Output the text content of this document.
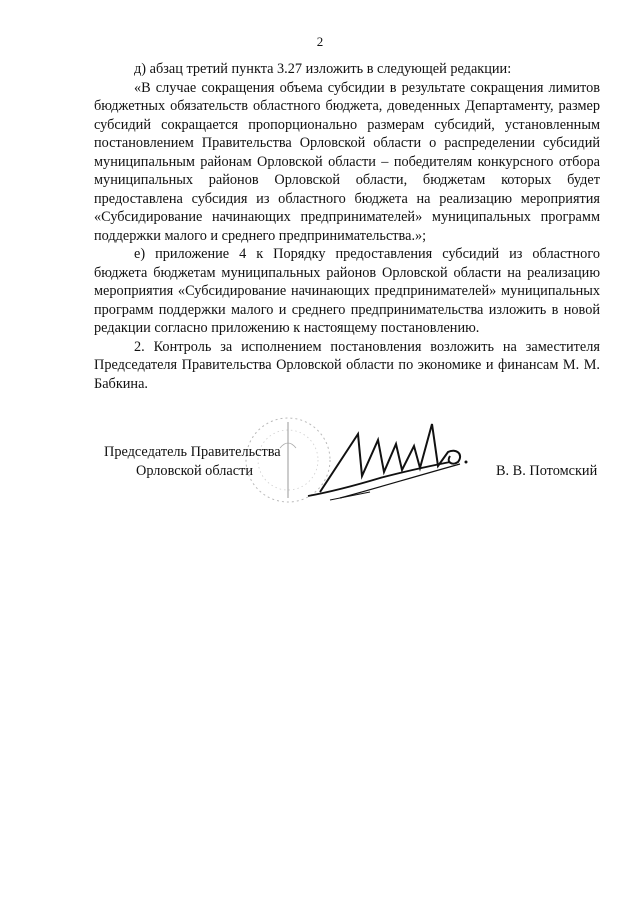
2

д) абзац третий пункта 3.27 изложить в следующей редакции:

«В случае сокращения объема субсидии в результате сокращения лимитов бюджетных обязательств областного бюджета, доведенных Департаменту, размер субсидий сокращается пропорционально размерам субсидий, установленным постановлением Правительства Орловской области о распределении субсидий муниципальным районам Орловской области – победителям конкурсного отбора муниципальных районов Орловской области, бюджетам которых будет предоставлена субсидия из областного бюджета на реализацию мероприятия «Субсидирование начинающих предпринимателей» муниципальных программ поддержки малого и среднего предпринимательства.»;

е) приложение 4 к Порядку предоставления субсидий из областного бюджета бюджетам муниципальных районов Орловской области на реализацию мероприятия «Субсидирование начинающих предпринимателей» муниципальных программ поддержки малого и среднего предпринимательства изложить в новой редакции согласно приложению к настоящему постановлению.

2. Контроль за исполнением постановления возложить на заместителя Председателя Правительства Орловской области по экономике и финансам М. М. Бабкина.

Председатель Правительства
Орловской области	В. В. Потомский
